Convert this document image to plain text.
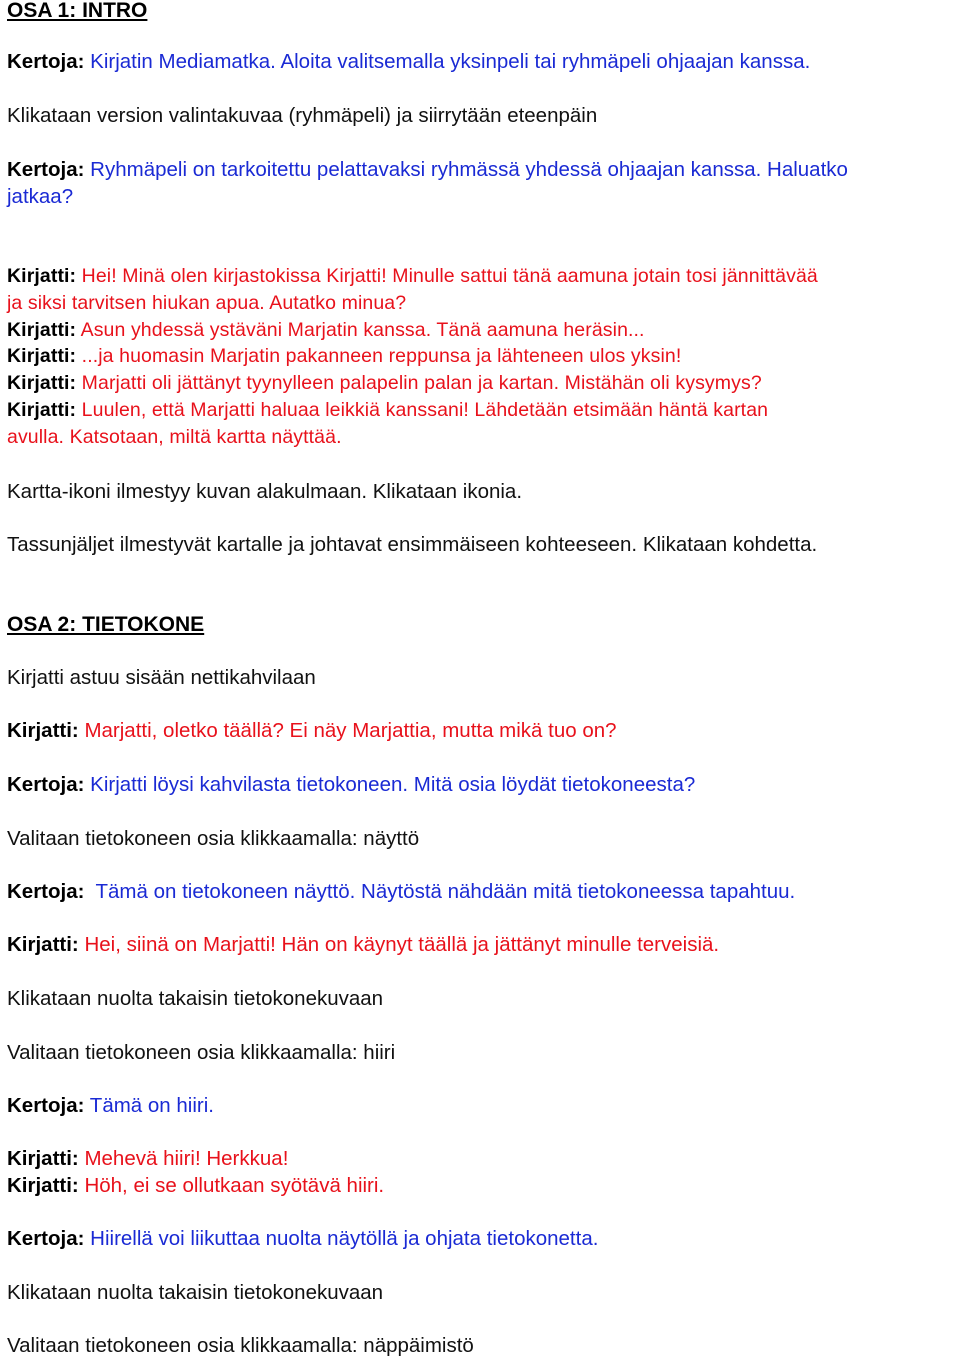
OSA 1: INTRO
Kertoja: Kirjatin Mediamatka. Aloita valitsemalla yksinpeli tai ryhmäpeli ohjaajan kanssa.
Klikataan version valintakuvaa (ryhmäpeli) ja siirrytään eteenpäin
Kertoja: Ryhmäpeli on tarkoitettu pelattavaksi ryhmässä yhdessä ohjaajan kanssa. Haluatko
jatkaa?
Kirjatti: Hei! Minä olen kirjastokissa Kirjatti! Minulle sattui tänä aamuna jotain tosi jännittävää
ja siksi tarvitsen hiukan apua. Autatko minua?
Kirjatti: Asun yhdessä ystäväni Marjatin kanssa. Tänä aamuna heräsin...
Kirjatti: ...ja huomasin Marjatin pakanneen reppunsa ja lähteneen ulos yksin!
Kirjatti: Marjatti oli jättänyt tyynylleen palapelin palan ja kartan. Mistähän oli kysymys?
Kirjatti: Luulen, että Marjatti haluaa leikkiä kanssani! Lähdetään etsimään häntä kartan
avulla. Katsotaan, miltä kartta näyttää.
Kartta-ikoni ilmestyy kuvan alakulmaan. Klikataan ikonia.
Tassunjäljet ilmestyvät kartalle ja johtavat ensimmäiseen kohteeseen. Klikataan kohdetta.
OSA 2: TIETOKONE
Kirjatti astuu sisään nettikahvilaan
Kirjatti: Marjatti, oletko täällä? Ei näy Marjattia, mutta mikä tuo on?
Kertoja: Kirjatti löysi kahvilasta tietokoneen. Mitä osia löydät tietokoneesta?
Valitaan tietokoneen osia klikkaamalla: näyttö
Kertoja:  Tämä on tietokoneen näyttö. Näytöstä nähdään mitä tietokoneessa tapahtuu.
Kirjatti: Hei, siinä on Marjatti! Hän on käynyt täällä ja jättänyt minulle terveisiä.
Klikataan nuolta takaisin tietokonekuvaan
Valitaan tietokoneen osia klikkaamalla: hiiri
Kertoja: Tämä on hiiri.
Kirjatti: Mehevä hiiri! Herkkua!
Kirjatti: Höh, ei se ollutkaan syötävä hiiri.
Kertoja: Hiirellä voi liikuttaa nuolta näytöllä ja ohjata tietokonetta.
Klikataan nuolta takaisin tietokonekuvaan
Valitaan tietokoneen osia klikkaamalla: näppäimistö
